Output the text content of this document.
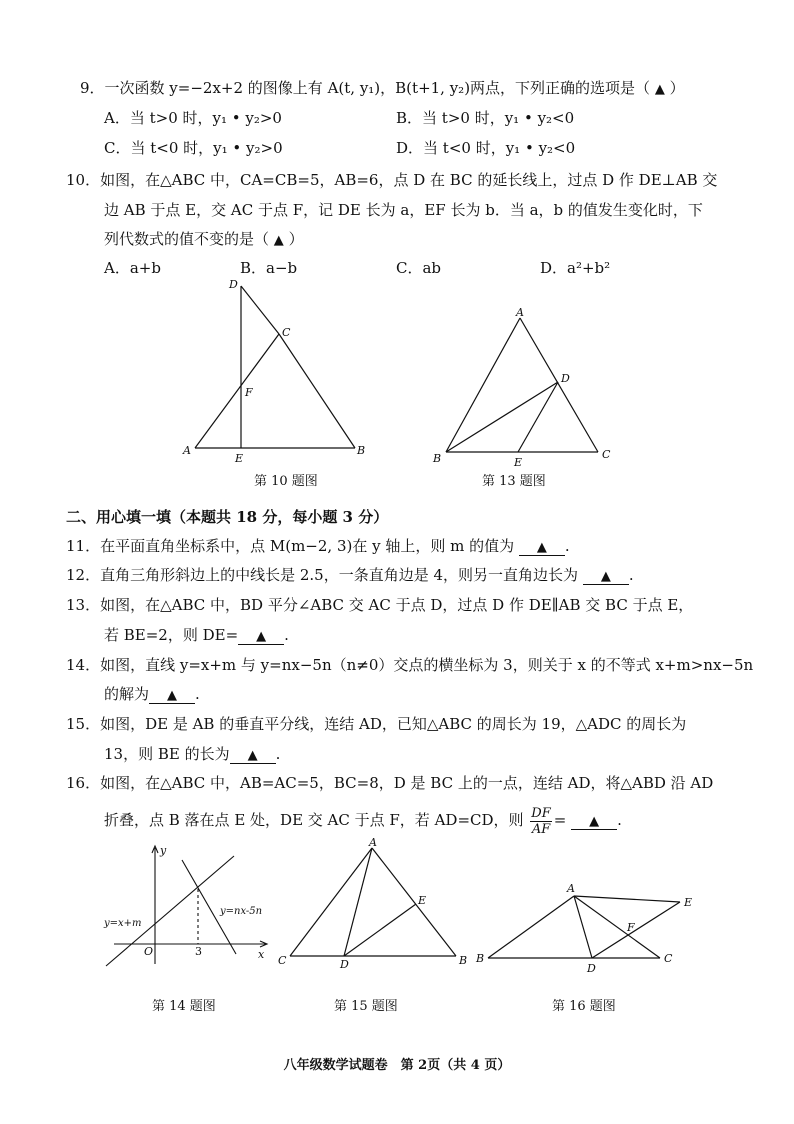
9．一次函数 y=−2x+2 的图像上有 A(t, y₁)，B(t+1, y₂)两点，下列正确的选项是（ ▲ ）
A．当 t>0 时，y₁ • y₂>0	B．当 t>0 时，y₁ • y₂<0
C．当 t<0 时，y₁ • y₂>0	D．当 t<0 时，y₁ • y₂<0
10．如图，在△ABC 中，CA=CB=5，AB=6，点 D 在 BC 的延长线上，过点 D 作 DE⊥AB 交
边 AB 于点 E，交 AC 于点 F，记 DE 长为 a，EF 长为 b．当 a，b 的值发生变化时，下
列代数式的值不变的是（ ▲ ）
A．a+b	B．a−b	C．ab	D．a²+b²
A	B
C
D
E
F
第 10 题图
A
B	C
D
E
第 13 题图
二、用心填一填（本题共 18 分，每小题 3 分）
11．在平面直角坐标系中，点 M(m−2, 3)在 y 轴上，则 m 的值为 ▲ .
12．直角三角形斜边上的中线长是 2.5，一条直角边是 4，则另一直角边长为 ▲ .
13．如图，在△ABC 中，BD 平分∠ABC 交 AC 于点 D，过点 D 作 DE∥AB 交 BC 于点 E，
若 BE=2，则 DE= ▲ .
14．如图，直线 y=x+m 与 y=nx−5n（n≠0）交点的横坐标为 3，则关于 x 的不等式 x+m>nx−5n
的解为 ▲ .
15．如图，DE 是 AB 的垂直平分线，连结 AD，已知△ABC 的周长为 19，△ADC 的周长为
13，则 BE 的长为 ▲ .
16．如图，在△ABC 中，AB=AC=5，BC=8，D 是 BC 上的一点，连结 AD，将△ABD 沿 AD
折叠，点 B 落在点 E 处，DE 交 AC 于点 F，若 AD=CD，则 $\frac{DF}{AF}$ = ▲ .
y
x
O	3
y=x+m
y=nx-5n
第 14 题图
A
B
C	D
E
第 15 题图
A
B	C
D
E
F
第 16 题图
八年级数学试题卷　第 2页（共 4 页）
